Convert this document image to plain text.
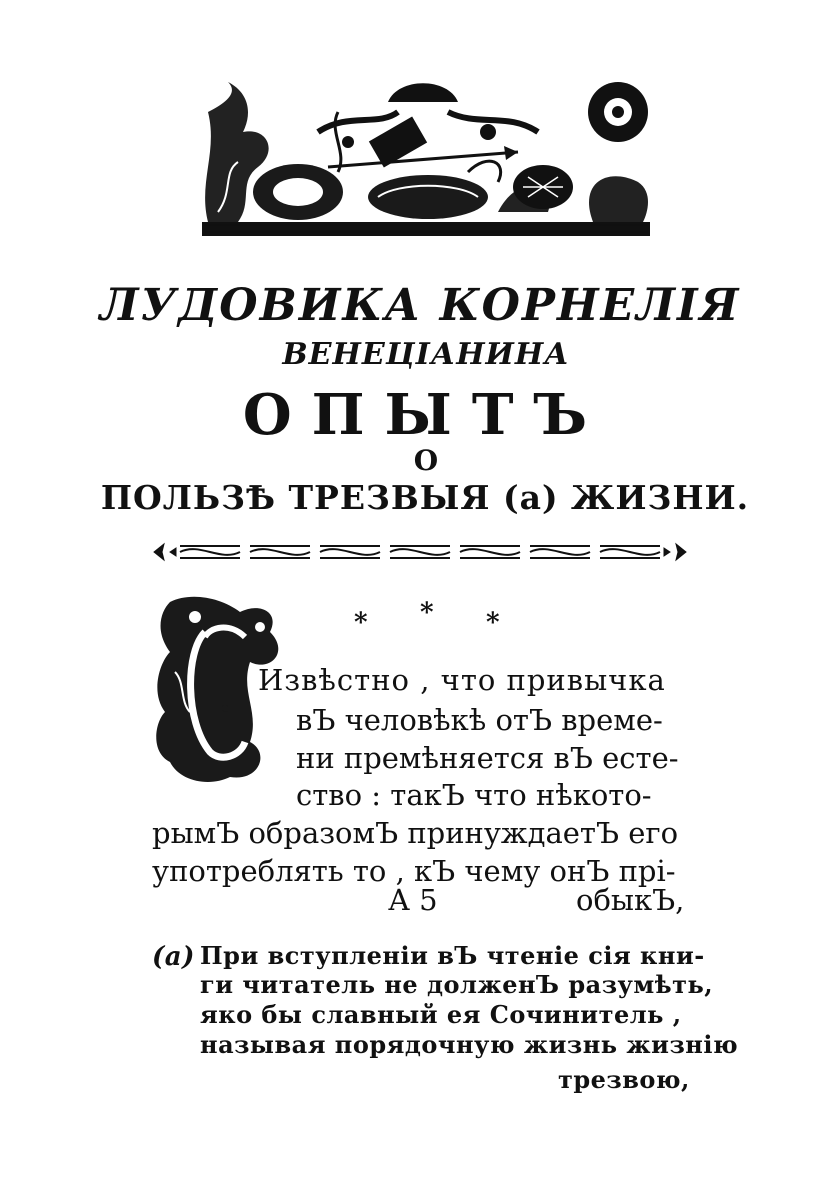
ЛУДОВИКА КОРНЕЛІЯ
ВЕНЕЦІАНИНА
ОПЫТЪ
О
ПОЛЬЗѢ ТРЕЗВЫЯ (а) ЖИЗНИ.
* * *
С
Извѣстно , что привычка
вЪ человѣкѣ отЪ време-
ни премѣняется вЪ есте-
ство : такЪ что нѣкото-
рымЪ образомЪ принуждаетЪ его
употреблять то , кЪ чему онЪ прі-
А 5	обыкЪ,
(а) При вступленіи вЪ чтеніе сія кни-
ги читатель не долженЪ разумѣть,
яко бы славный ея Сочинитель ,
называя порядочную жизнь жизнію
трезвою,
